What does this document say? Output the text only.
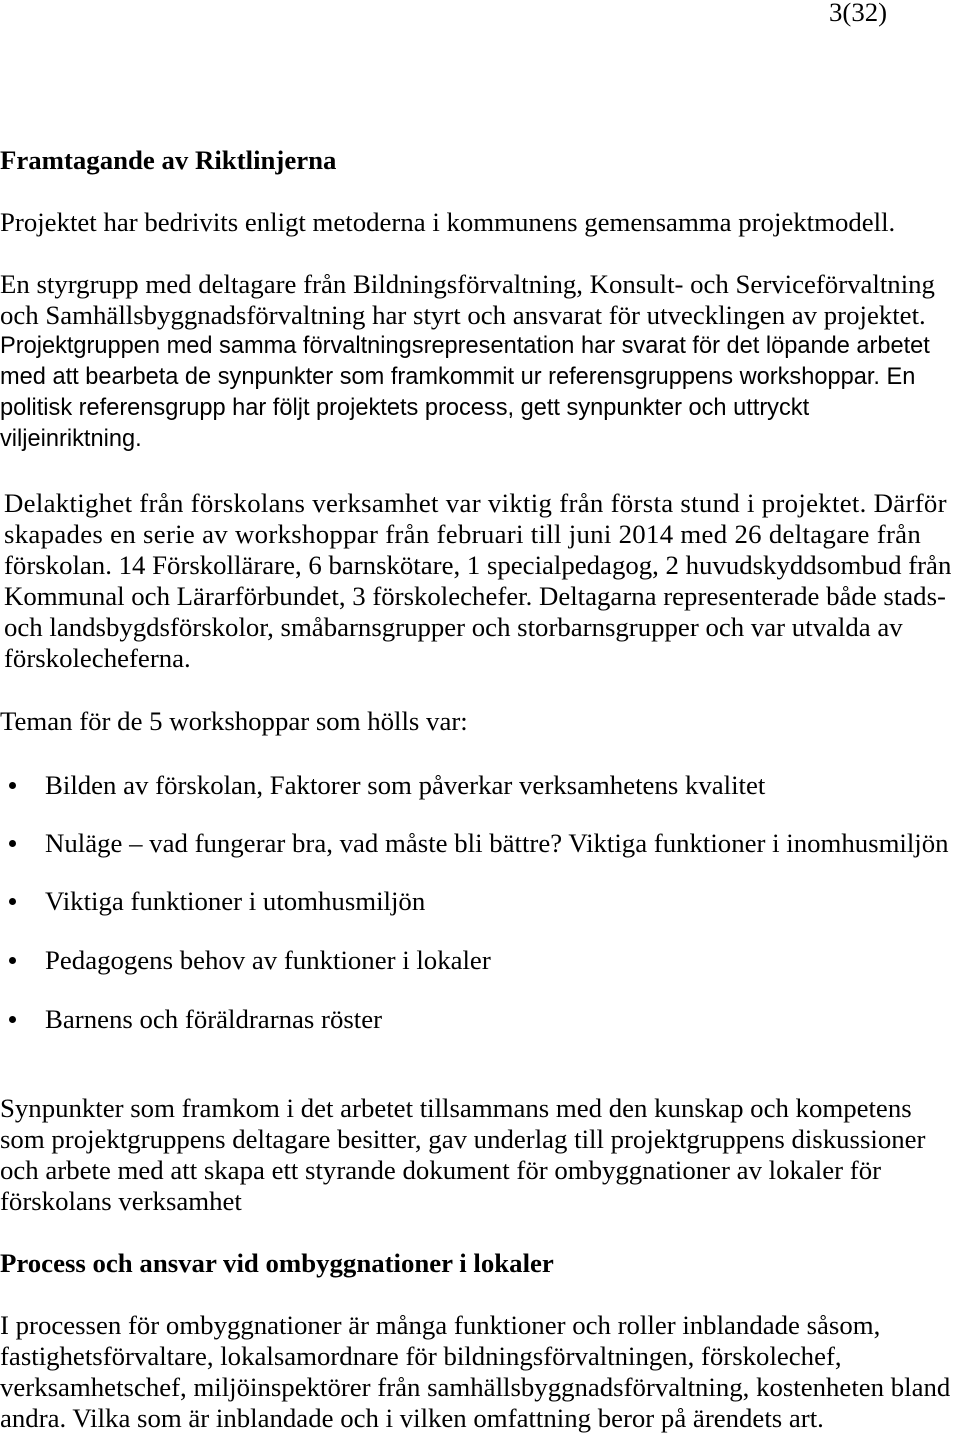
3(32)
Framtagande av Riktlinjerna
Projektet har bedrivits enligt metoderna i kommunens gemensamma projektmodell.
En styrgrupp med deltagare från Bildningsförvaltning, Konsult- och Serviceförvaltning
och Samhällsbyggnadsförvaltning har styrt och ansvarat för utvecklingen av projektet.
Projektgruppen med samma förvaltningsrepresentation har svarat för det löpande arbetet
med att bearbeta de synpunkter som framkommit ur referensgruppens workshoppar. En
politisk referensgrupp har följt projektets process, gett synpunkter och uttryckt
viljeinriktning.
Delaktighet från förskolans verksamhet var viktig från första stund i projektet. Därför
skapades en serie av workshoppar från februari till juni 2014 med 26 deltagare från
förskolan. 14 Förskollärare, 6 barnskötare, 1 specialpedagog, 2 huvudskyddsombud från
Kommunal och Lärarförbundet, 3 förskolechefer. Deltagarna representerade både stads-
och landsbygdsförskolor, småbarnsgrupper och storbarnsgrupper och var utvalda av
förskolecheferna.
Teman för de 5 workshoppar som hölls var:
Bilden av förskolan, Faktorer som påverkar verksamhetens kvalitet
Nuläge – vad fungerar bra, vad måste bli bättre? Viktiga funktioner i inomhusmiljön
Viktiga funktioner i utomhusmiljön
Pedagogens behov av funktioner i lokaler
Barnens och föräldrarnas röster
Synpunkter som framkom i det arbetet tillsammans med den kunskap och kompetens
som projektgruppens deltagare besitter, gav underlag till projektgruppens diskussioner
och arbete med att skapa ett styrande dokument för ombyggnationer av lokaler för
förskolans verksamhet
Process och ansvar vid ombyggnationer i lokaler
I processen för ombyggnationer är många funktioner och roller inblandade såsom,
fastighetsförvaltare, lokalsamordnare för bildningsförvaltningen, förskolechef,
verksamhetschef, miljöinspektörer från samhällsbyggnadsförvaltning, kostenheten bland
andra. Vilka som är inblandade och i vilken omfattning beror på ärendets art.
